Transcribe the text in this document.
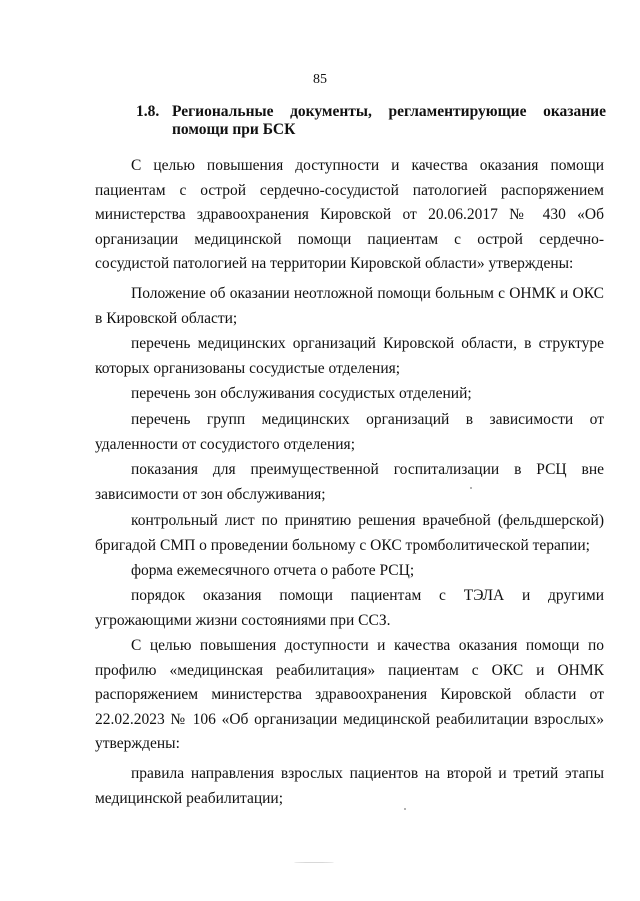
85
1.8. Региональные документы, регламентирующие оказание помощи при БСК

С целью повышения доступности и качества оказания помощи пациентам с острой сердечно-сосудистой патологией распоряжением министерства здравоохранения Кировской от 20.06.2017 № 430 «Об организации медицинской помощи пациентам с острой сердечно-сосудистой патологией на территории Кировской области» утверждены:

Положение об оказании неотложной помощи больным с ОНМК и ОКС в Кировской области;

перечень медицинских организаций Кировской области, в структуре которых организованы сосудистые отделения;

перечень зон обслуживания сосудистых отделений;

перечень групп медицинских организаций в зависимости от удаленности от сосудистого отделения;

показания для преимущественной госпитализации в РСЦ вне зависимости от зон обслуживания;

контрольный лист по принятию решения врачебной (фельдшерской) бригадой СМП о проведении больному с ОКС тромболитической терапии;

форма ежемесячного отчета о работе РСЦ;

порядок оказания помощи пациентам с ТЭЛА и другими угрожающими жизни состояниями при ССЗ.

С целью повышения доступности и качества оказания помощи по профилю «медицинская реабилитация» пациентам с ОКС и ОНМК распоряжением министерства здравоохранения Кировской области от 22.02.2023 № 106 «Об организации медицинской реабилитации взрослых» утверждены:

правила направления взрослых пациентов на второй и третий этапы медицинской реабилитации;
